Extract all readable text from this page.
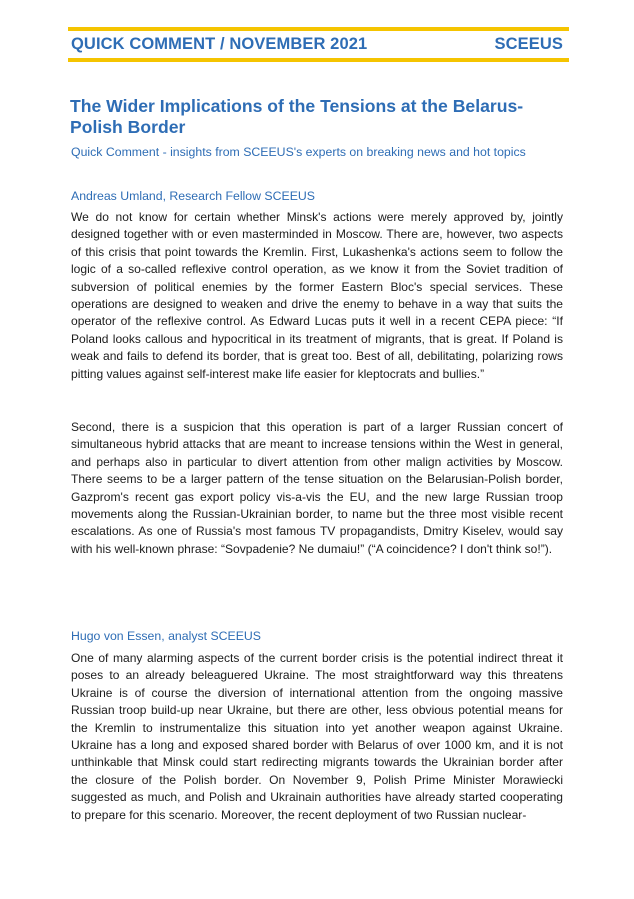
QUICK COMMENT / NOVEMBER 2021	SCEEUS
The Wider Implications of the Tensions at the Belarus-Polish Border
Quick Comment - insights from SCEEUS's experts on breaking news and hot topics
Andreas Umland, Research Fellow SCEEUS

We do not know for certain whether Minsk's actions were merely approved by, jointly designed together with or even masterminded in Moscow. There are, however, two aspects of this crisis that point towards the Kremlin. First, Lukashenka's actions seem to follow the logic of a so-called reflexive control operation, as we know it from the Soviet tradition of subversion of political enemies by the former Eastern Bloc's special services. These operations are designed to weaken and drive the enemy to behave in a way that suits the operator of the reflexive control. As Edward Lucas puts it well in a recent CEPA piece: “If Poland looks callous and hypocritical in its treatment of migrants, that is great. If Poland is weak and fails to defend its border, that is great too. Best of all, debilitating, polarizing rows pitting values against self-interest make life easier for kleptocrats and bullies.”

Second, there is a suspicion that this operation is part of a larger Russian concert of simultaneous hybrid attacks that are meant to increase tensions within the West in general, and perhaps also in particular to divert attention from other malign activities by Moscow. There seems to be a larger pattern of the tense situation on the Belarusian-Polish border, Gazprom's recent gas export policy vis-a-vis the EU, and the new large Russian troop movements along the Russian-Ukrainian border, to name but the three most visible recent escalations. As one of Russia's most famous TV propagandists, Dmitry Kiselev, would say with his well-known phrase: “Sovpadenie? Ne dumaiu!” (“A coincidence? I don't think so!”).

Hugo von Essen, analyst SCEEUS

One of many alarming aspects of the current border crisis is the potential indirect threat it poses to an already beleaguered Ukraine. The most straightforward way this threatens Ukraine is of course the diversion of international attention from the ongoing massive Russian troop build-up near Ukraine, but there are other, less obvious potential means for the Kremlin to instrumentalize this situation into yet another weapon against Ukraine. Ukraine has a long and exposed shared border with Belarus of over 1000 km, and it is not unthinkable that Minsk could start redirecting migrants towards the Ukrainian border after the closure of the Polish border. On November 9, Polish Prime Minister Morawiecki suggested as much, and Polish and Ukrainain authorities have already started cooperating to prepare for this scenario. Moreover, the recent deployment of two Russian nuclear-
